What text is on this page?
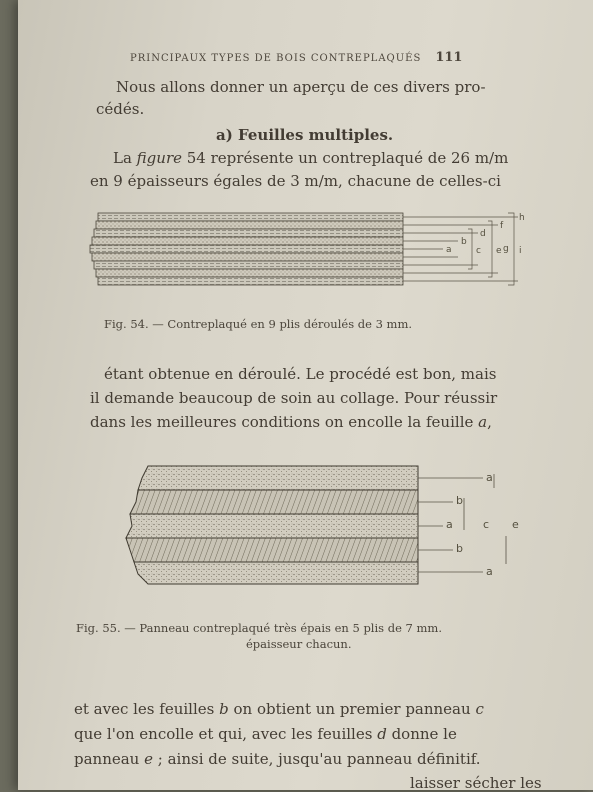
PRINCIPAUX TYPES DE BOIS CONTREPLAQUÉS 111
Nous allons donner un aperçu de ces divers pro-
cédés.
a) Feuilles multiples.
La figure 54 représente un contreplaqué de 26 m/m
en 9 épaisseurs égales de 3 m/m, chacune de celles-ci
a
b
c
d
e
f
g
h
i
Fig. 54. — Contreplaqué en 9 plis déroulés de 3 mm.
étant obtenue en déroulé. Le procédé est bon, mais
il demande beaucoup de soin au collage. Pour réussir
dans les meilleures conditions on encolle la feuille a,
a
b
a
b
a
c e
Fig. 55. — Panneau contreplaqué très épais en 5 plis de 7 mm.
épaisseur chacun.
et avec les feuilles b on obtient un premier panneau c
que l'on encolle et qui, avec les feuilles d donne le
panneau e ; ainsi de suite, jusqu'au panneau définitif.
laisser sécher les
